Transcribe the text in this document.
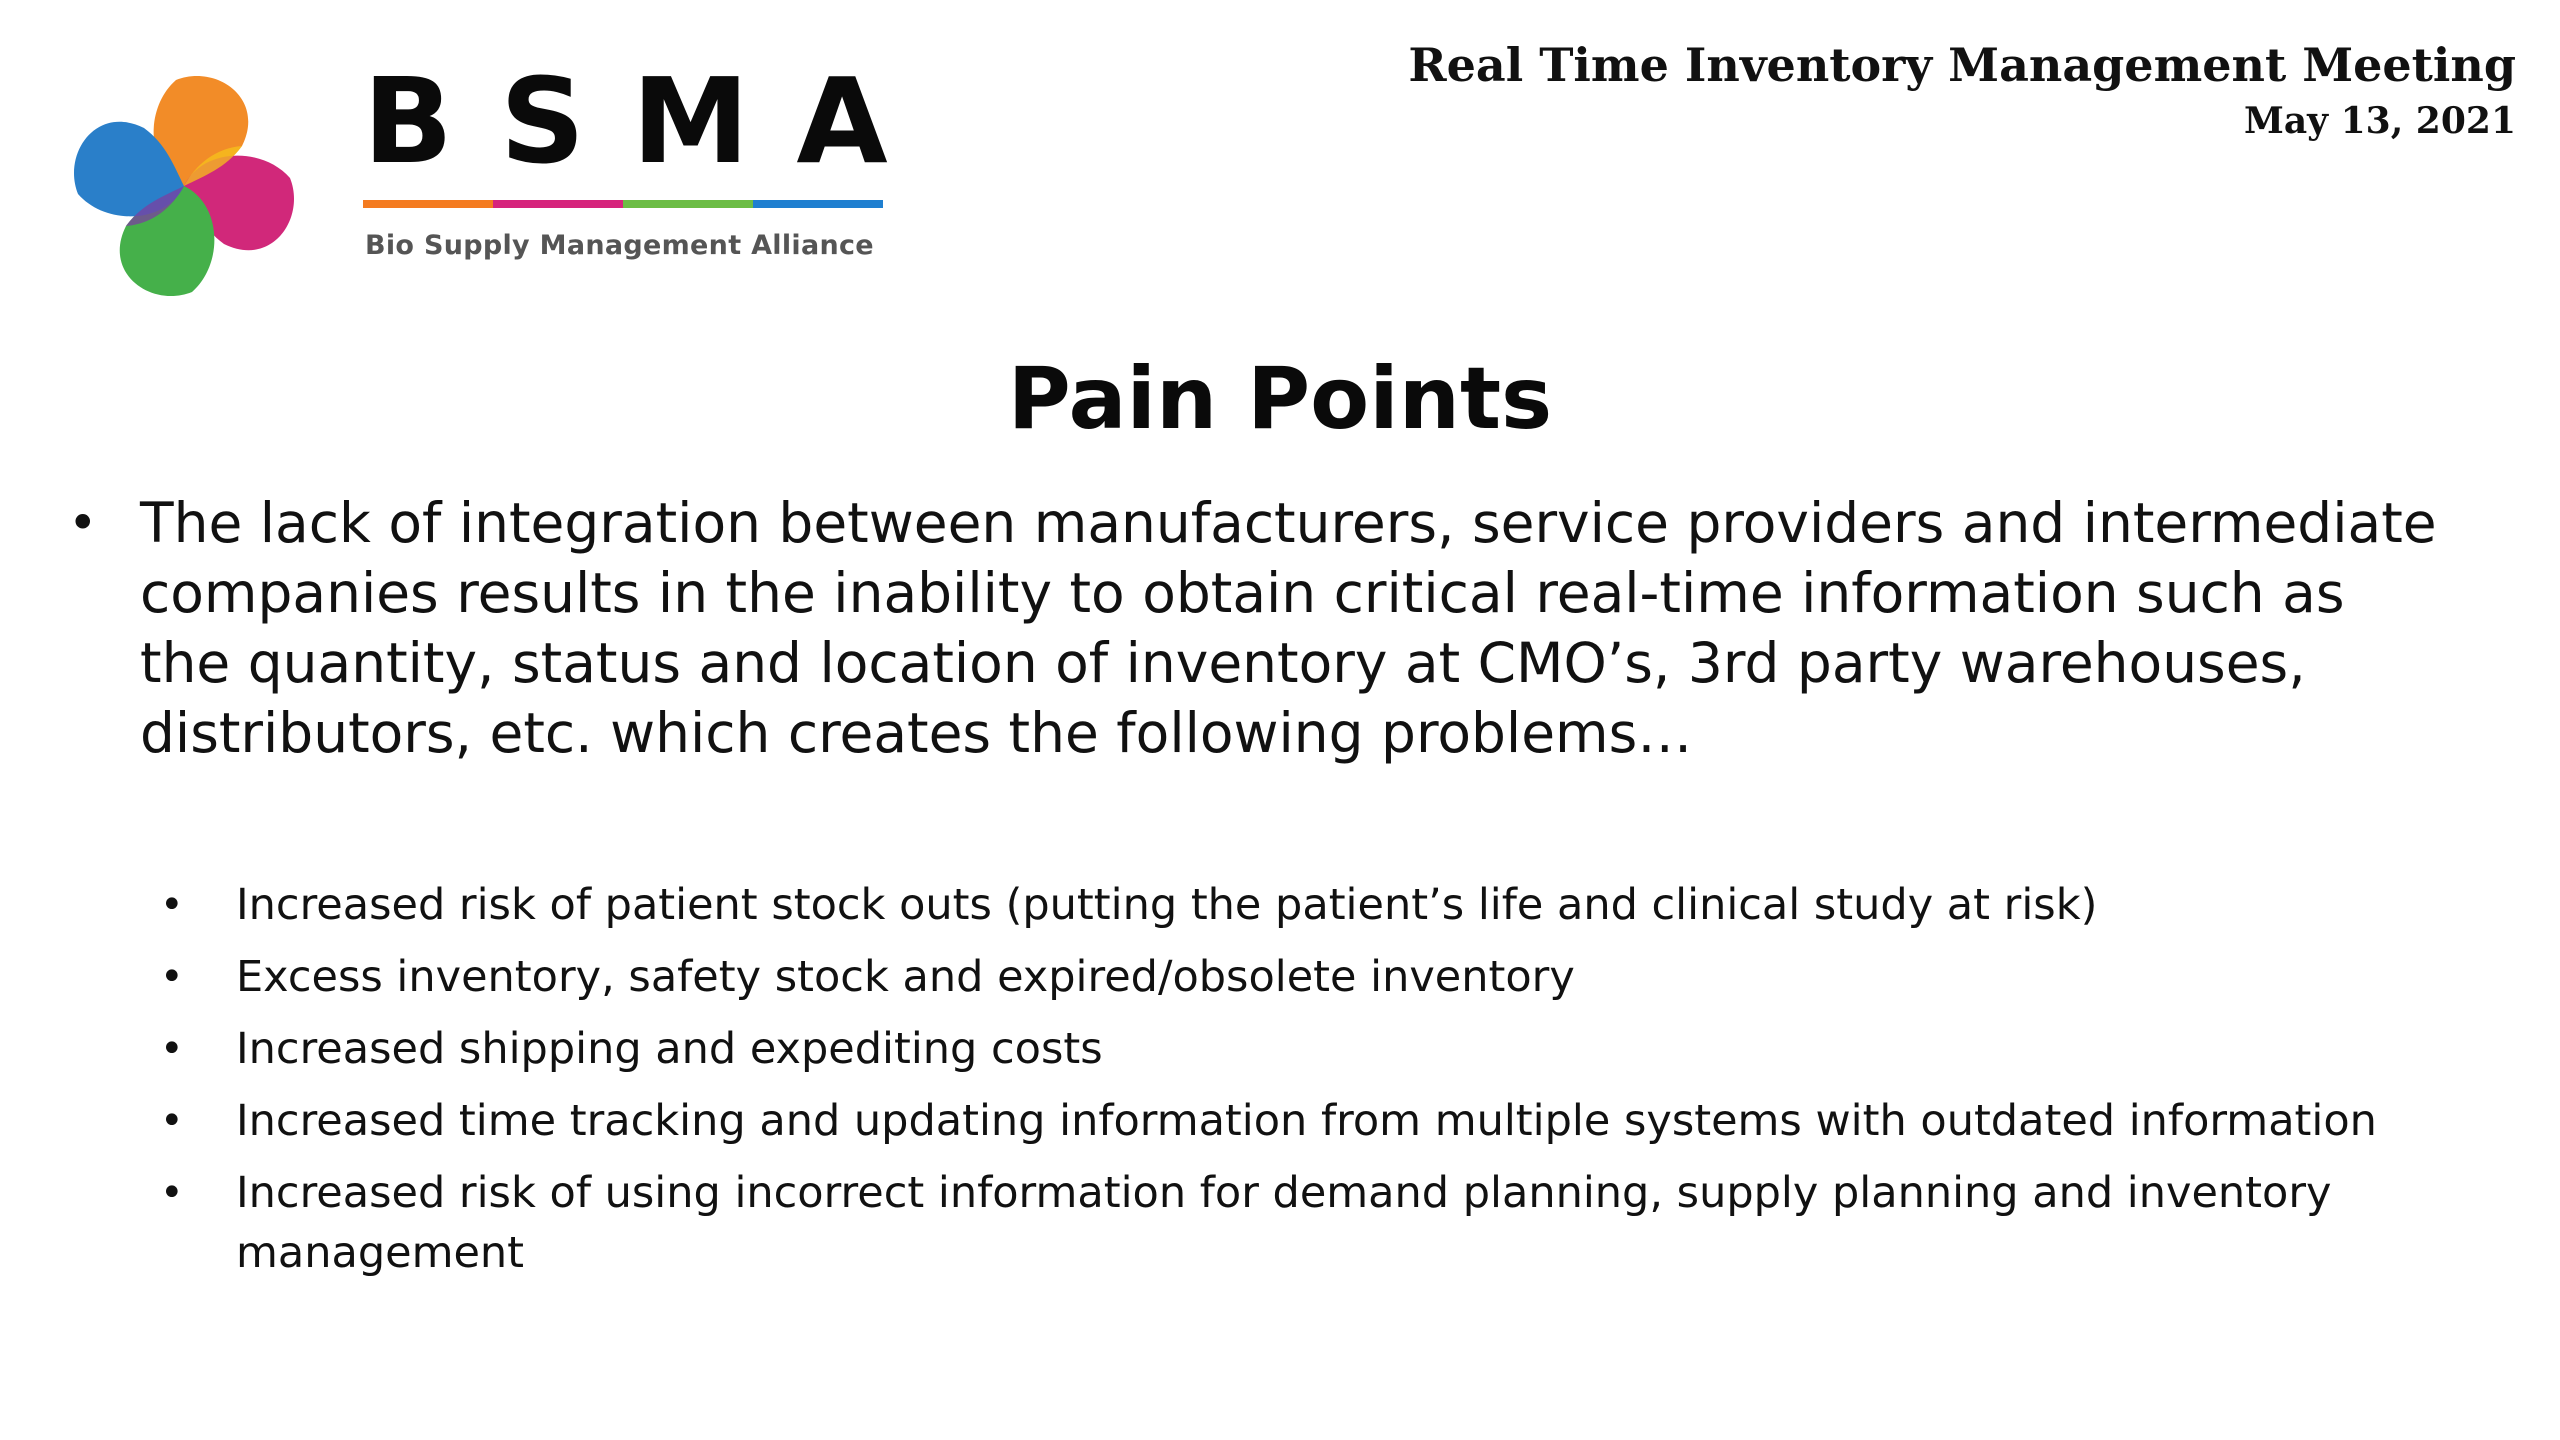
BSMA
Bio Supply Management Alliance
Real Time Inventory Management Meeting
May 13, 2021
Pain Points
• The lack of integration between manufacturers, service providers and intermediate companies results in the inability to obtain critical real-time information such as the quantity, status and location of inventory at CMO’s, 3rd party warehouses, distributors, etc. which creates the following problems…
•	Increased risk of patient stock outs (putting the patient’s life and clinical study at risk)
•	Excess inventory, safety stock and expired/obsolete inventory
•	Increased shipping and expediting costs
•	Increased time tracking and updating information from multiple systems with outdated information
•	Increased risk of using incorrect information for demand planning, supply planning and inventory management
